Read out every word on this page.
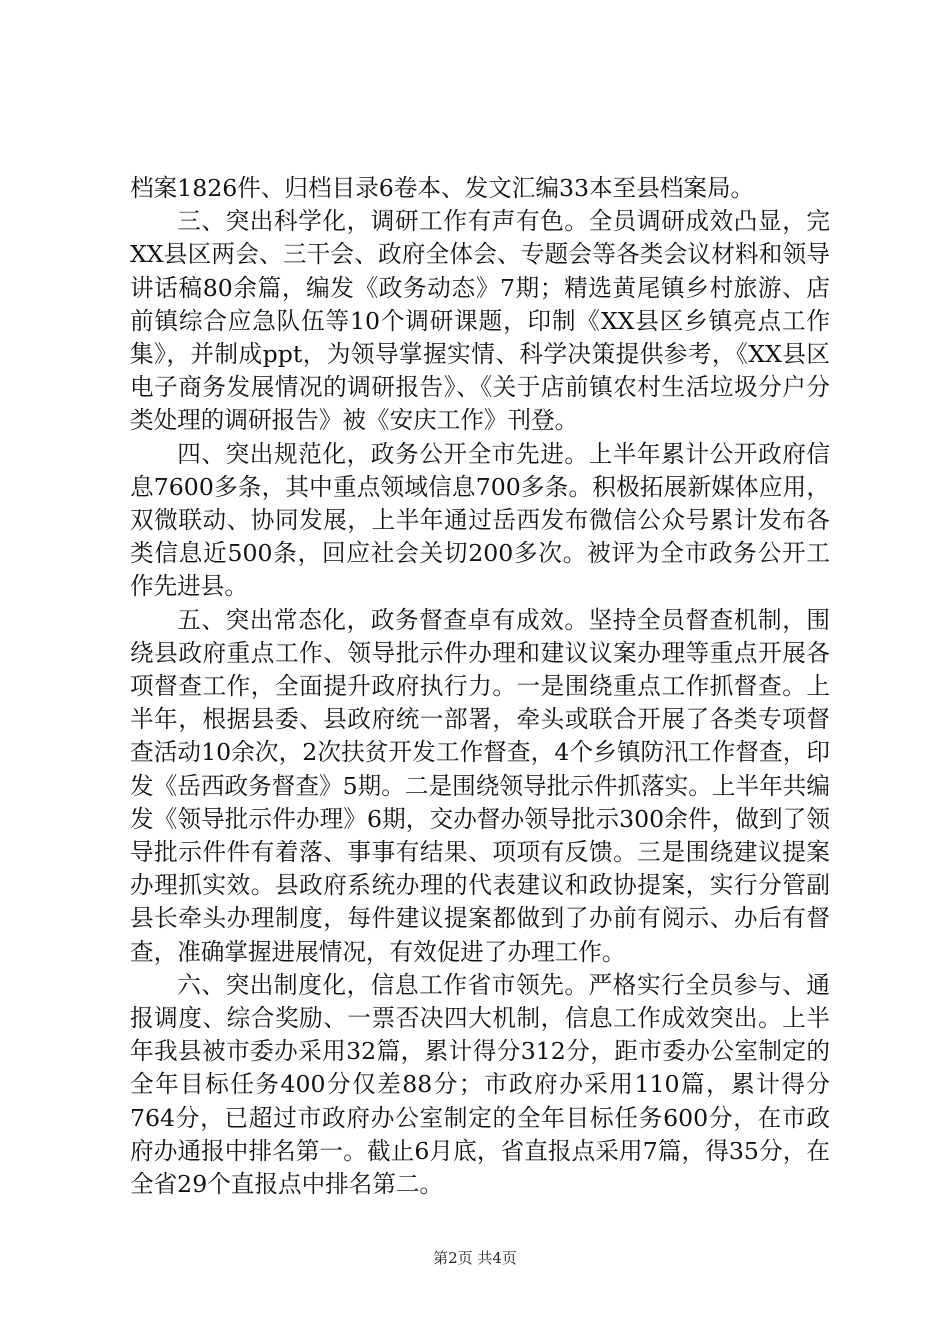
档案1826件、归档目录6卷本、发文汇编33本至县档案局。

三、突出科学化，调研工作有声有色。全员调研成效凸显，完XX县区两会、三干会、政府全体会、专题会等各类会议材料和领导讲话稿80余篇，编发《政务动态》7期；精选黄尾镇乡村旅游、店前镇综合应急队伍等10个调研课题，印制《XX县区乡镇亮点工作集》，并制成ppt，为领导掌握实情、科学决策提供参考，《XX县区电子商务发展情况的调研报告》、《关于店前镇农村生活垃圾分户分类处理的调研报告》被《安庆工作》刊登。

四、突出规范化，政务公开全市先进。上半年累计公开政府信息7600多条，其中重点领域信息700多条。积极拓展新媒体应用，双微联动、协同发展，上半年通过岳西发布微信公众号累计发布各类信息近500条，回应社会关切200多次。被评为全市政务公开工作先进县。

五、突出常态化，政务督查卓有成效。坚持全员督查机制，围绕县政府重点工作、领导批示件办理和建议议案办理等重点开展各项督查工作，全面提升政府执行力。一是围绕重点工作抓督查。上半年，根据县委、县政府统一部署，牵头或联合开展了各类专项督查活动10余次，2次扶贫开发工作督查，4个乡镇防汛工作督查，印发《岳西政务督查》5期。二是围绕领导批示件抓落实。上半年共编发《领导批示件办理》6期，交办督办领导批示300余件，做到了领导批示件件有着落、事事有结果、项项有反馈。三是围绕建议提案办理抓实效。县政府系统办理的代表建议和政协提案，实行分管副县长牵头办理制度，每件建议提案都做到了办前有阅示、办后有督查，准确掌握进展情况，有效促进了办理工作。

六、突出制度化，信息工作省市领先。严格实行全员参与、通报调度、综合奖励、一票否决四大机制，信息工作成效突出。上半年我县被市委办采用32篇，累计得分312分，距市委办公室制定的全年目标任务400分仅差88分；市政府办采用110篇，累计得分764分，已超过市政府办公室制定的全年目标任务600分，在市政府办通报中排名第一。截止6月底，省直报点采用7篇，得35分，在全省29个直报点中排名第二。

第2页 共4页
